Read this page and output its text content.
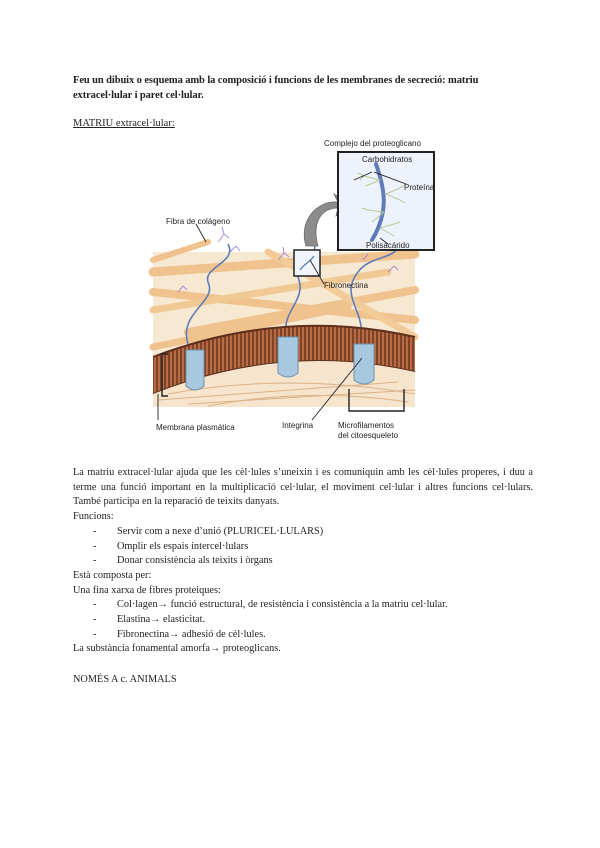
Feu un dibuix o esquema amb la composició i funcions de les membranes de secreció: matriu extracel·lular i paret cel·lular.
MATRIU extracel·lular:
Complejo del proteoglicano
Carbohidratos
Proteína
Polisacárido
Fibra de colágeno
Fibronectina
Membrana plasmática	Integrina	Microfilamentos
del citoesqueleto

La matriu extracel·lular ajuda que les cèl·lules s’uneixin i es comuniquin amb les cèl·lules properes, i duu a terme una funció important en la multiplicació cel·lular, el moviment cel·lular i altres funcions cel·lulars. També participa en la reparació de teixits danyats.

Funcions:

- Servir com a nexe d’unió (PLURICEL·LULARS)
- Omplir els espais intercel·lulars
- Donar consistència als teixits i òrgans

Està composta per:

Una fina xarxa de fibres proteiques:

- Col·lagen→ funció estructural, de resistència i consistència a la matriu cel·lular.
- Elastina→ elasticitat.
- Fibronectina→ adhesió de cèl·lules.

La substància fonamental amorfa→ proteoglicans.

NOMÉS A c. ANIMALS
